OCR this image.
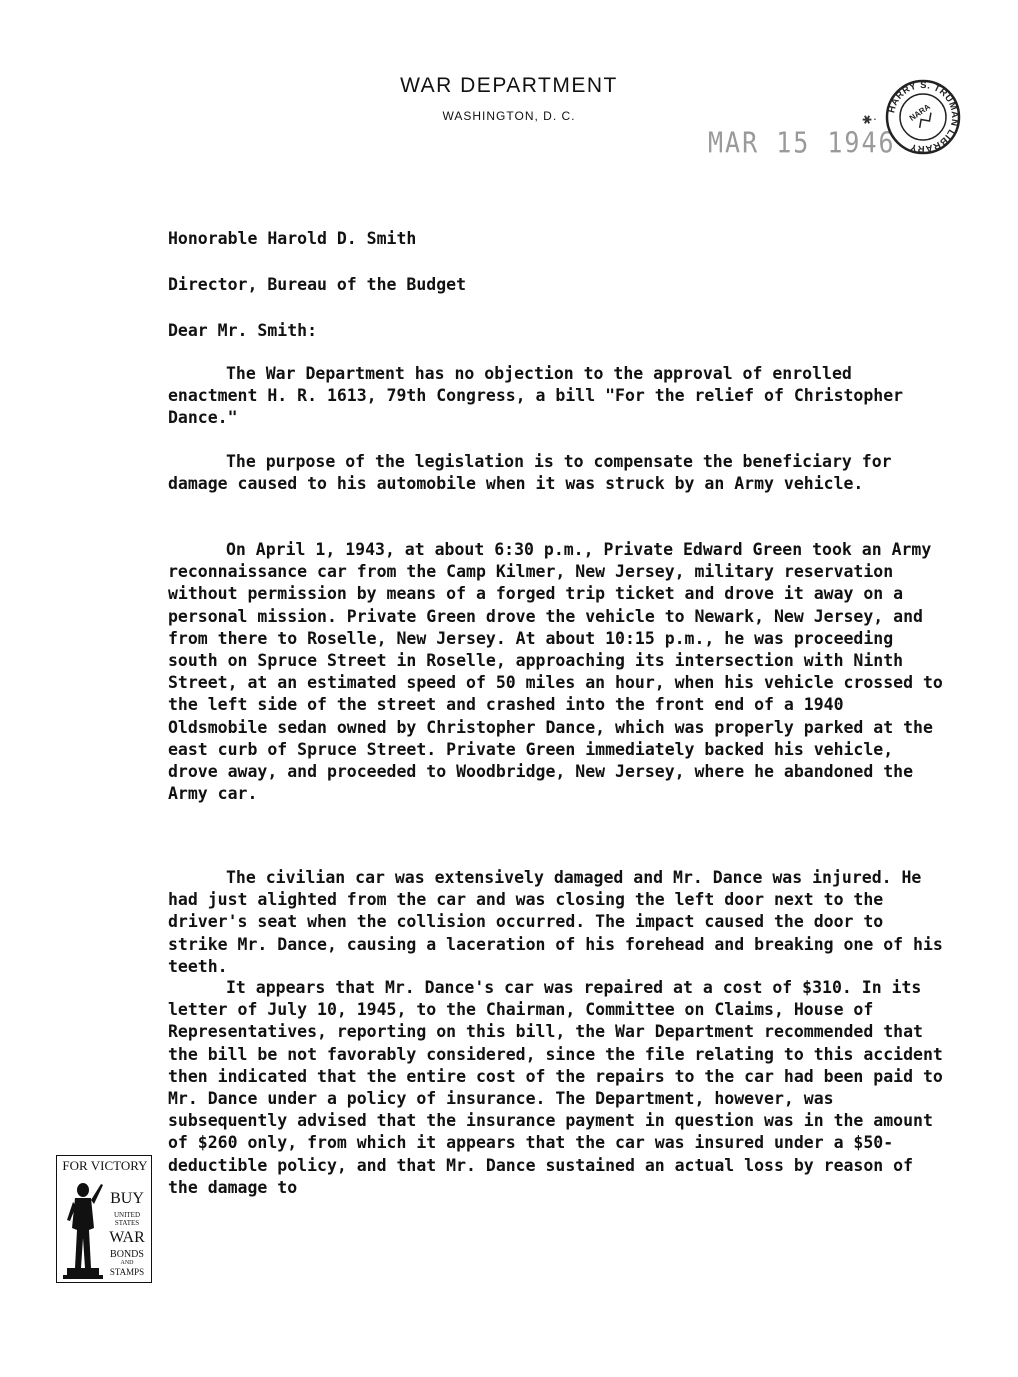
WAR DEPARTMENT
WASHINGTON, D. C.
MAR 15 1946
HARRY S. TRUMAN LIBRARY
NARA
✱.
Honorable Harold D. Smith
Director, Bureau of the Budget
Dear Mr. Smith:
The War Department has no objection to the approval of enrolled enactment H. R. 1613, 79th Congress, a bill "For the relief of Christopher Dance."
The purpose of the legislation is to compensate the beneficiary for damage caused to his automobile when it was struck by an Army vehicle.
On April 1, 1943, at about 6:30 p.m., Private Edward Green took an Army reconnaissance car from the Camp Kilmer, New Jersey, military reservation without permission by means of a forged trip ticket and drove it away on a personal mission. Private Green drove the vehicle to Newark, New Jersey, and from there to Roselle, New Jersey. At about 10:15 p.m., he was proceeding south on Spruce Street in Roselle, approaching its intersection with Ninth Street, at an estimated speed of 50 miles an hour, when his vehicle crossed to the left side of the street and crashed into the front end of a 1940 Oldsmobile sedan owned by Christopher Dance, which was properly parked at the east curb of Spruce Street. Private Green immediately backed his vehicle, drove away, and proceeded to Woodbridge, New Jersey, where he abandoned the Army car.
The civilian car was extensively damaged and Mr. Dance was injured. He had just alighted from the car and was closing the left door next to the driver's seat when the collision occurred. The impact caused the door to strike Mr. Dance, causing a laceration of his forehead and breaking one of his teeth.
It appears that Mr. Dance's car was repaired at a cost of $310. In its letter of July 10, 1945, to the Chairman, Committee on Claims, House of Representatives, reporting on this bill, the War Department recommended that the bill be not favorably considered, since the file relating to this accident then indicated that the entire cost of the repairs to the car had been paid to Mr. Dance under a policy of insurance. The Department, however, was subsequently advised that the insurance payment in question was in the amount of $260 only, from which it appears that the car was insured under a $50-deductible policy, and that Mr. Dance sustained an actual loss by reason of the damage to
FOR VICTORY
BUY
UNITED STATES
WAR
BONDS
AND
STAMPS
